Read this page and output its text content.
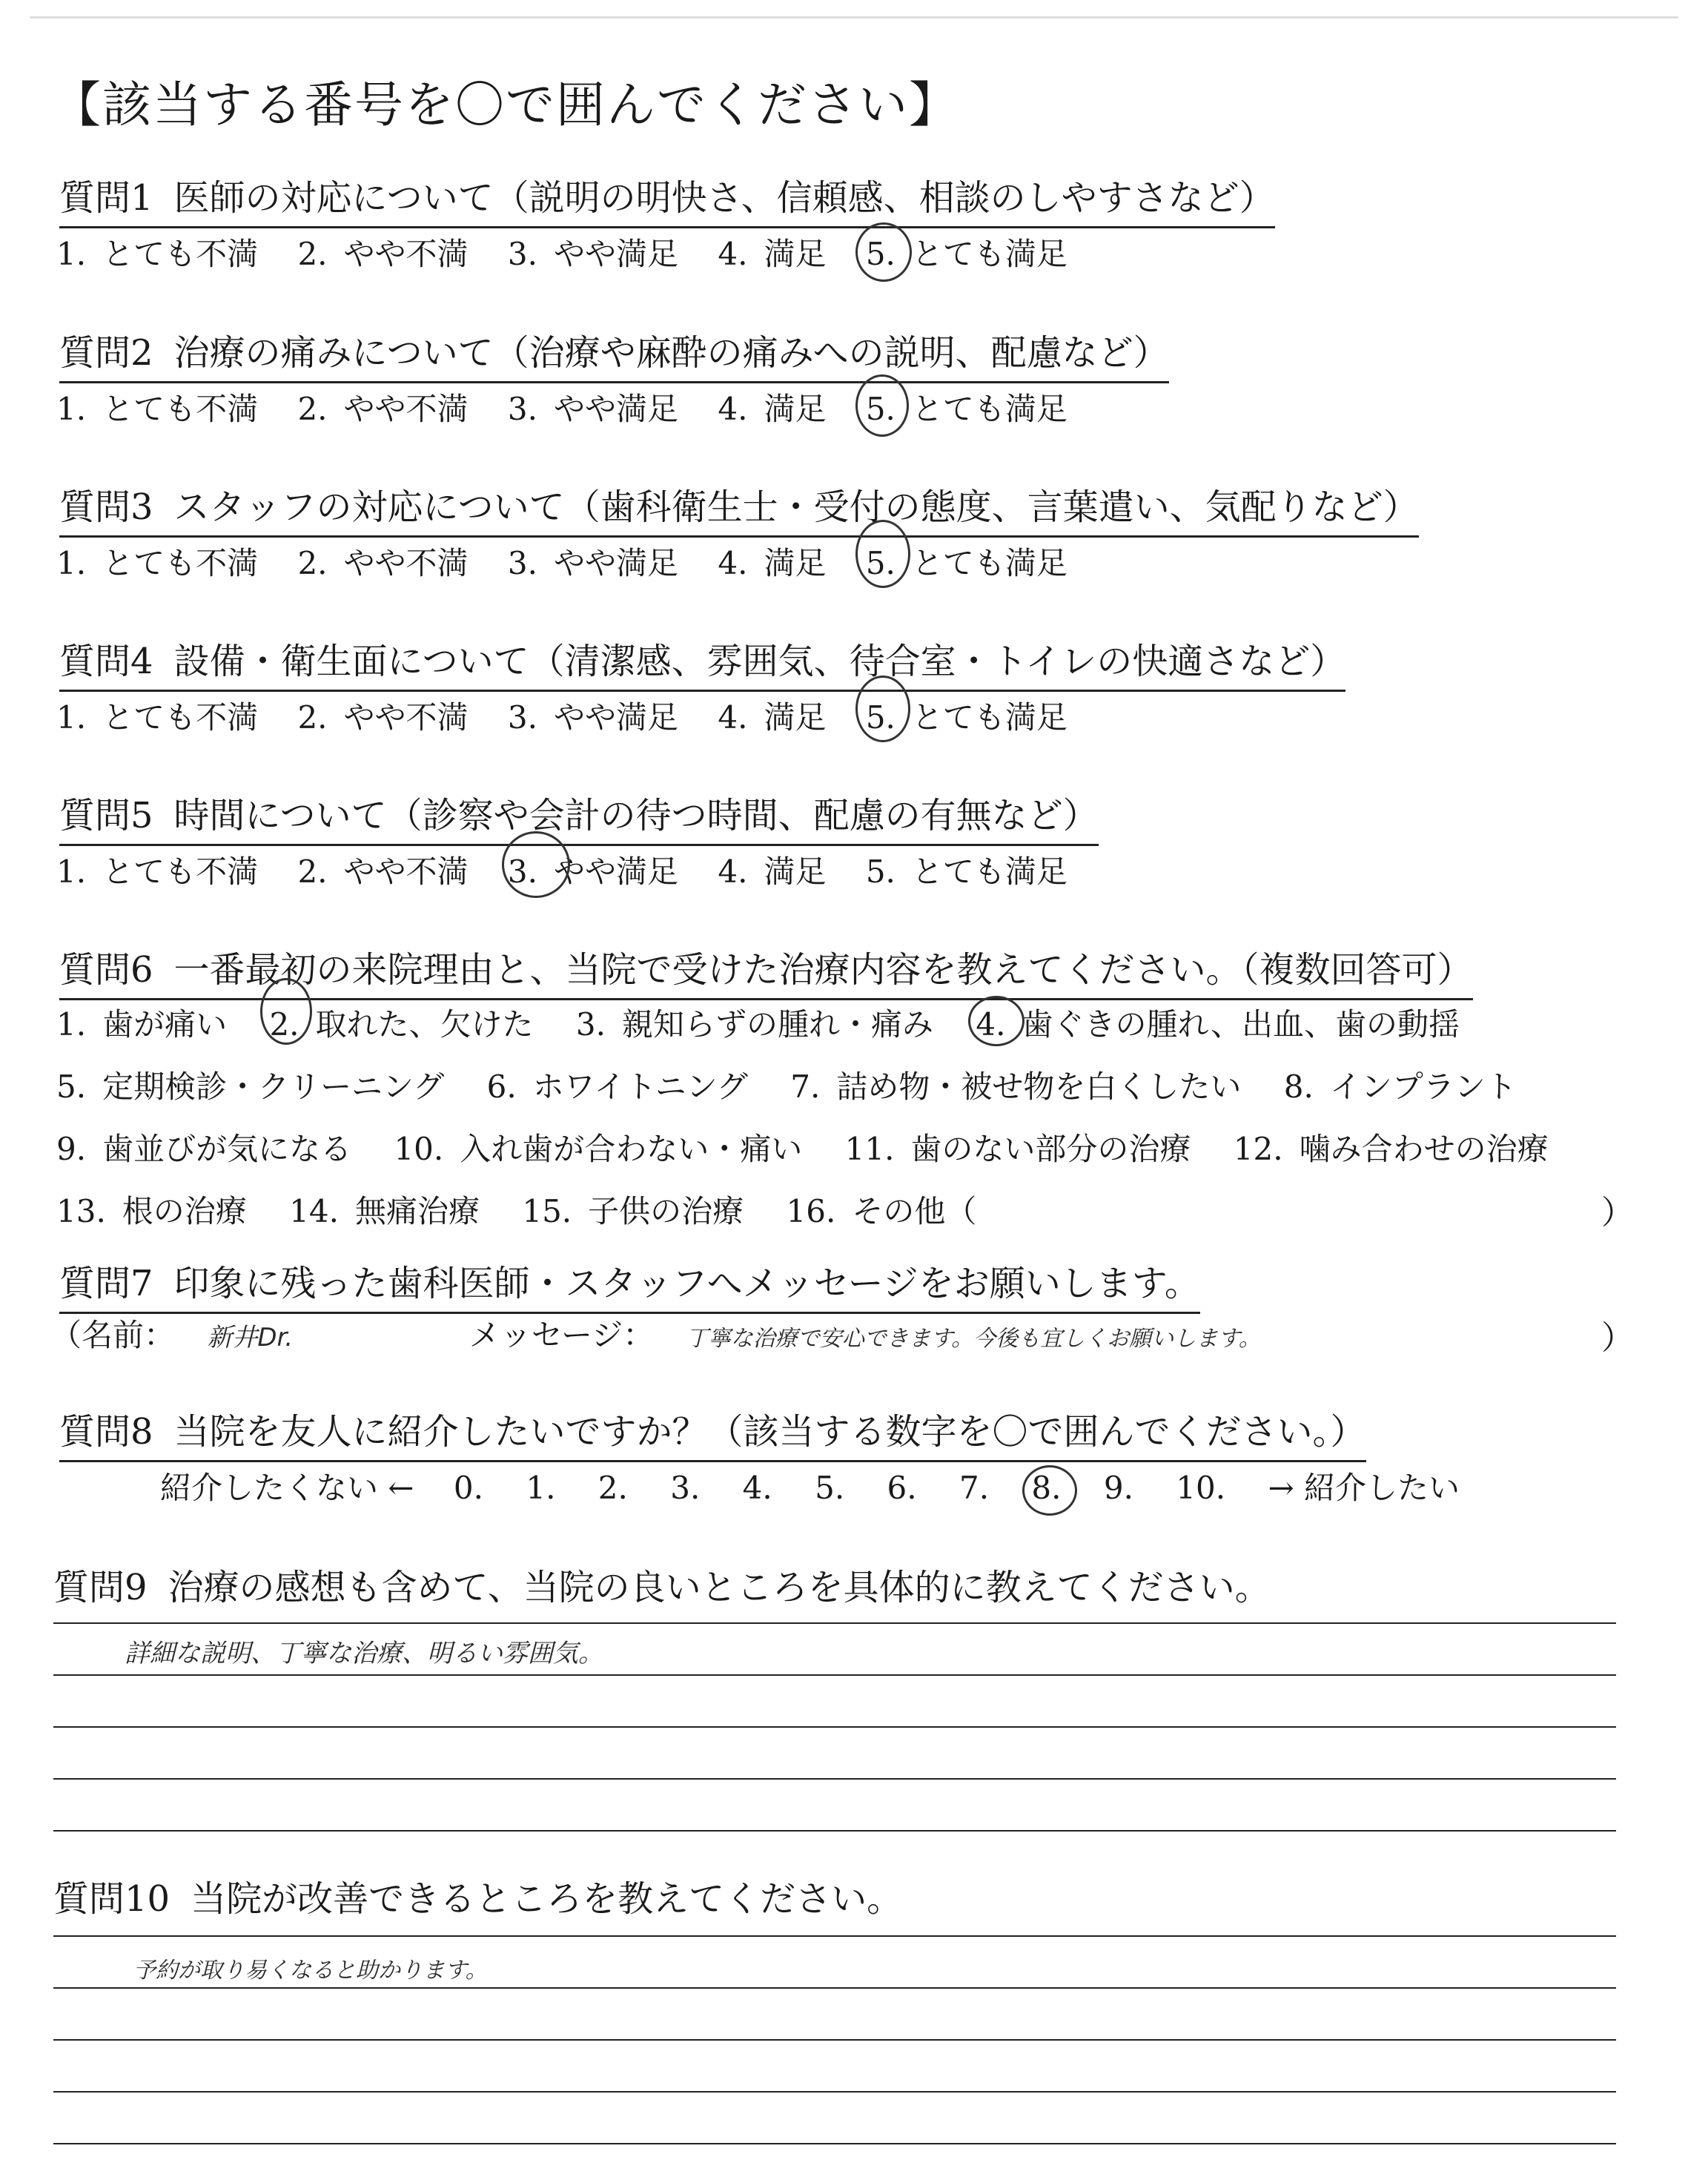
【該当する番号を〇で囲んでください】
質問1 医師の対応について（説明の明快さ、信頼感、相談のしやすさなど）
1. とても不満 2. やや不満 3. やや満足 4. 満足 5. とても満足
質問2 治療の痛みについて（治療や麻酔の痛みへの説明、配慮など）
1. とても不満 2. やや不満 3. やや満足 4. 満足 5. とても満足
質問3 スタッフの対応について（歯科衛生士・受付の態度、言葉遣い、気配りなど）
1. とても不満 2. やや不満 3. やや満足 4. 満足 5. とても満足
質問4 設備・衛生面について（清潔感、雰囲気、待合室・トイレの快適さなど）
1. とても不満 2. やや不満 3. やや満足 4. 満足 5. とても満足
質問5 時間について（診察や会計の待つ時間、配慮の有無など）
1. とても不満 2. やや不満 3. やや満足 4. 満足 5. とても満足
質問6 一番最初の来院理由と、当院で受けた治療内容を教えてください。（複数回答可）
1. 歯が痛い 2. 取れた、欠けた 3. 親知らずの腫れ・痛み 4. 歯ぐきの腫れ、出血、歯の動揺
5. 定期検診・クリーニング 6. ホワイトニング 7. 詰め物・被せ物を白くしたい 8. インプラント
9. 歯並びが気になる 10. 入れ歯が合わない・痛い 11. 歯のない部分の治療 12. 噛み合わせの治療
13. 根の治療 14. 無痛治療 15. 子供の治療 16. その他（	）
質問7 印象に残った歯科医師・スタッフへメッセージをお願いします。
（名前： 新井Dr.	メッセージ： 丁寧な治療で安心できます。今後も宜しくお願いします。	）
質問8 当院を友人に紹介したいですか？（該当する数字を〇で囲んでください。）
紹介したくない ← 0. 1. 2. 3. 4. 5. 6. 7. 8. 9. 10. → 紹介したい
質問9 治療の感想も含めて、当院の良いところを具体的に教えてください。
詳細な説明、丁寧な治療、明るい雰囲気。
質問10 当院が改善できるところを教えてください。
予約が取り易くなると助かります。
